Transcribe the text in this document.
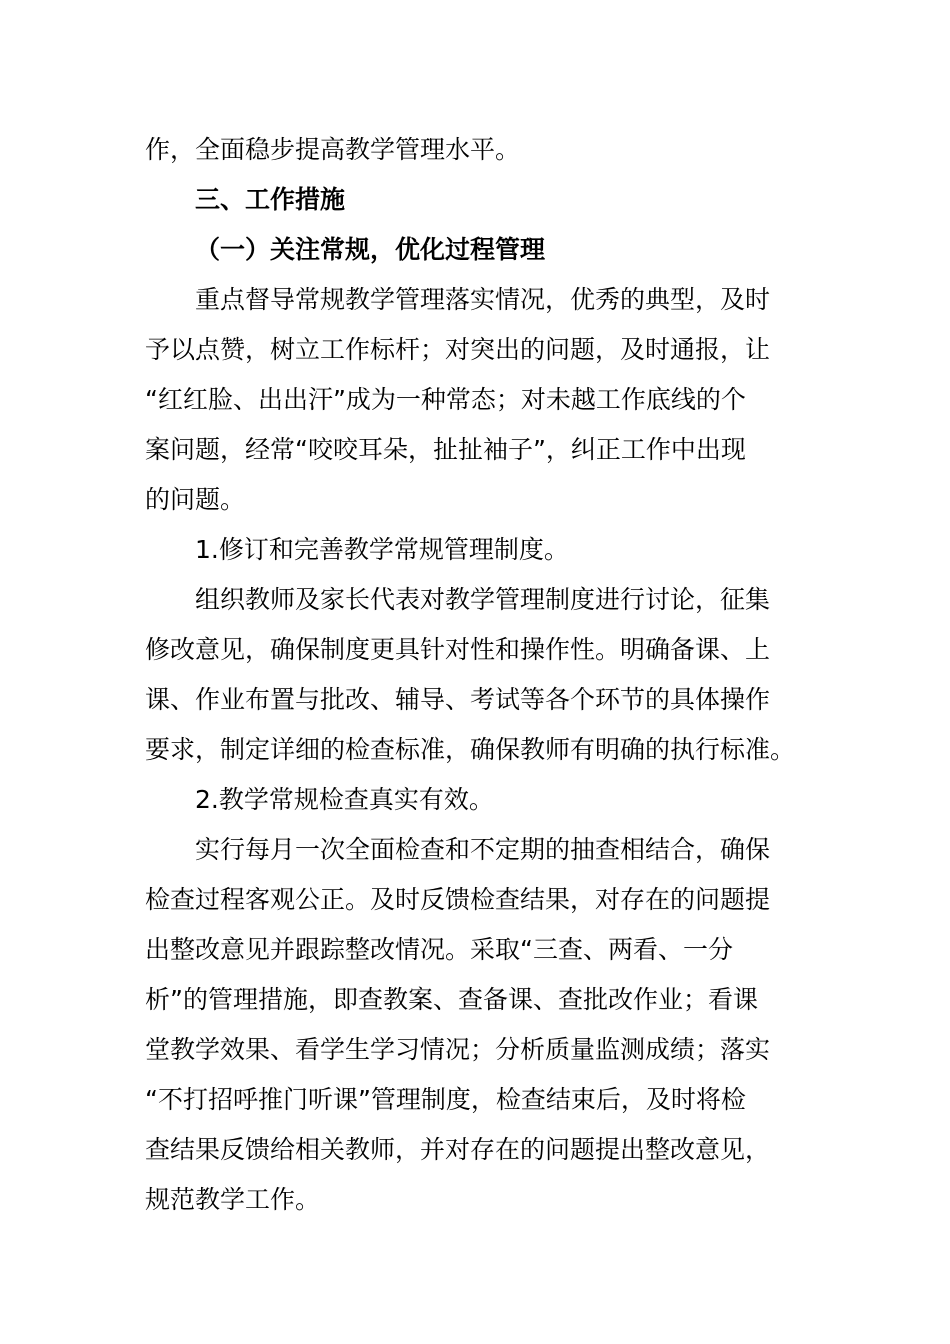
作，全面稳步提高教学管理水平。
三、工作措施
（一）关注常规，优化过程管理
重点督导常规教学管理落实情况，优秀的典型，及时
予以点赞，树立工作标杆；对突出的问题，及时通报，让
“红红脸、出出汗”成为一种常态；对未越工作底线的个
案问题，经常“咬咬耳朵，扯扯袖子”，纠正工作中出现
的问题。
1.修订和完善教学常规管理制度。
组织教师及家长代表对教学管理制度进行讨论，征集
修改意见，确保制度更具针对性和操作性。明确备课、上
课、作业布置与批改、辅导、考试等各个环节的具体操作
要求，制定详细的检查标准，确保教师有明确的执行标准。
2.教学常规检查真实有效。
实行每月一次全面检查和不定期的抽查相结合，确保
检查过程客观公正。及时反馈检查结果，对存在的问题提
出整改意见并跟踪整改情况。采取“三查、两看、一分
析”的管理措施，即查教案、查备课、查批改作业；看课
堂教学效果、看学生学习情况；分析质量监测成绩；落实
“不打招呼推门听课”管理制度，检查结束后，及时将检
查结果反馈给相关教师，并对存在的问题提出整改意见，
规范教学工作。
